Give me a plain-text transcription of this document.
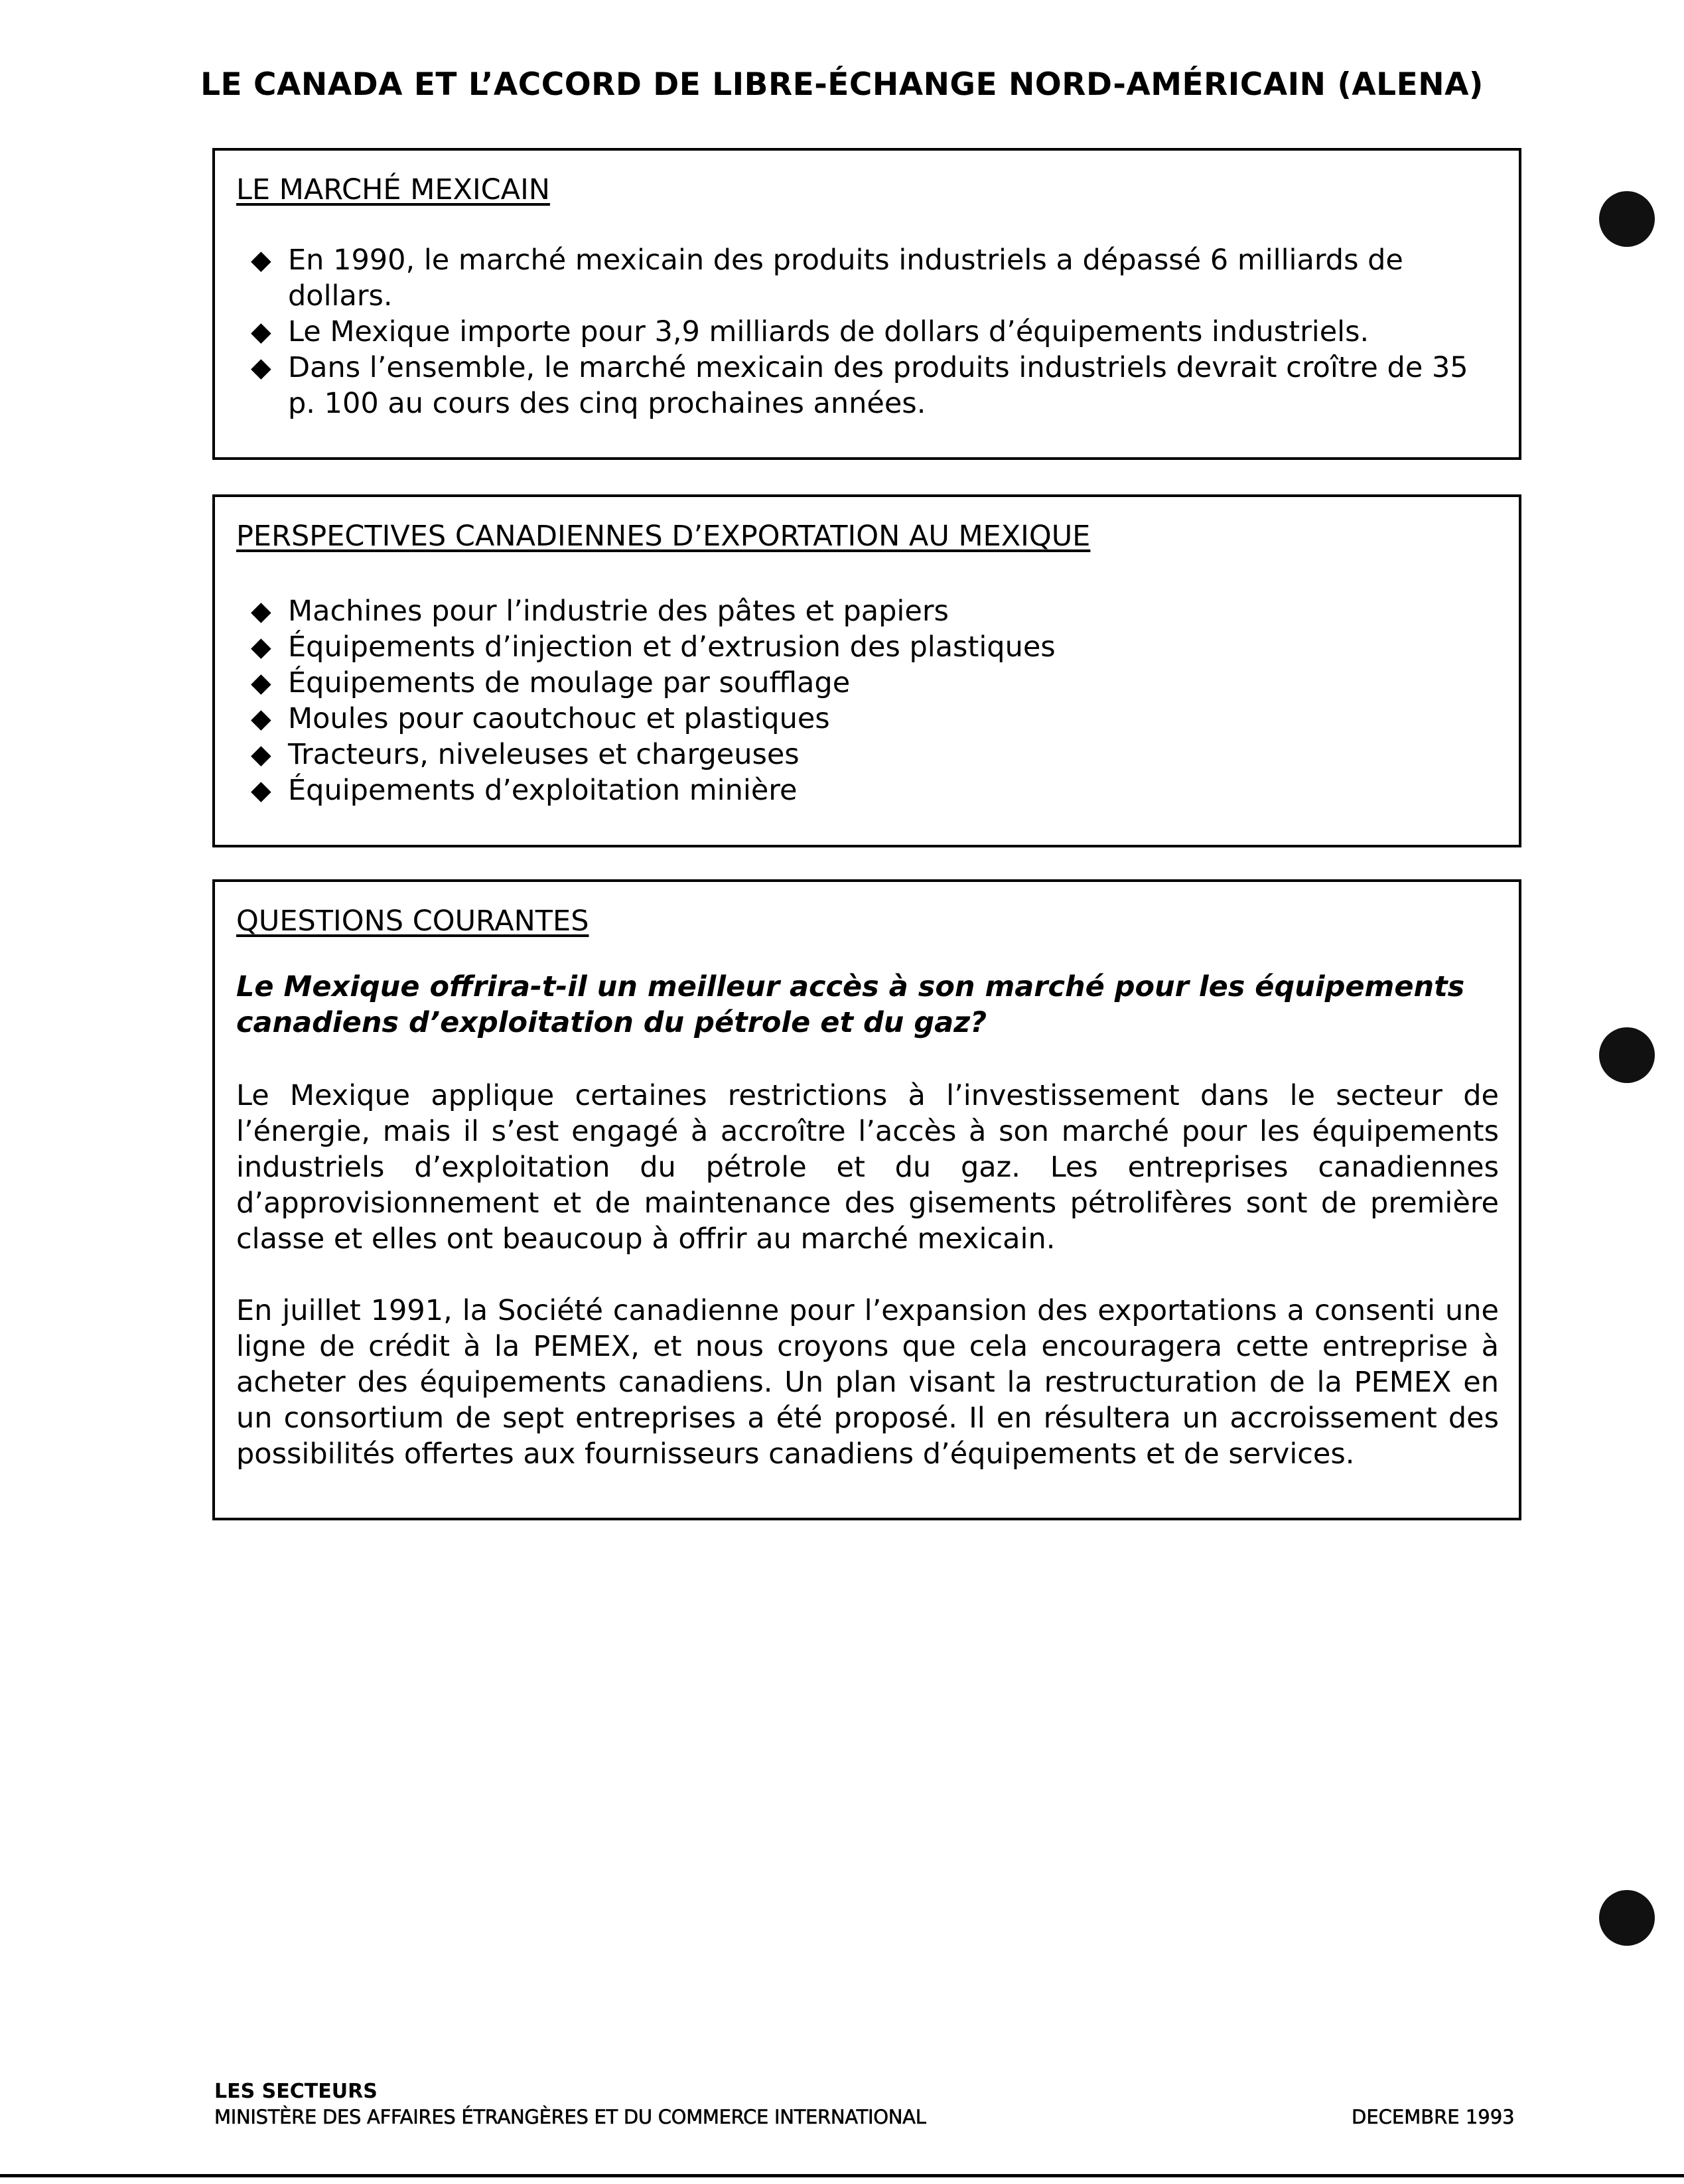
LE CANADA ET L’ACCORD DE LIBRE-ÉCHANGE NORD-AMÉRICAIN (ALENA)
LE MARCHÉ MEXICAIN
◆ En 1990, le marché mexicain des produits industriels a dépassé 6 milliards de dollars.
◆ Le Mexique importe pour 3,9 milliards de dollars d’équipements industriels.
◆ Dans l’ensemble, le marché mexicain des produits industriels devrait croître de 35 p. 100 au cours des cinq prochaines années.
PERSPECTIVES CANADIENNES D’EXPORTATION AU MEXIQUE
◆ Machines pour l’industrie des pâtes et papiers
◆ Équipements d’injection et d’extrusion des plastiques
◆ Équipements de moulage par soufflage
◆ Moules pour caoutchouc et plastiques
◆ Tracteurs, niveleuses et chargeuses
◆ Équipements d’exploitation minière
QUESTIONS COURANTES

Le Mexique offrira-t-il un meilleur accès à son marché pour les équipements canadiens d’exploitation du pétrole et du gaz?

Le Mexique applique certaines restrictions à l’investissement dans le secteur de l’énergie, mais il s’est engagé à accroître l’accès à son marché pour les équipements industriels d’exploitation du pétrole et du gaz. Les entreprises canadiennes d’approvisionnement et de maintenance des gisements pétrolifères sont de première classe et elles ont beaucoup à offrir au marché mexicain.

En juillet 1991, la Société canadienne pour l’expansion des exportations a consenti une ligne de crédit à la PEMEX, et nous croyons que cela encouragera cette entreprise à acheter des équipements canadiens. Un plan visant la restructuration de la PEMEX en un consortium de sept entreprises a été proposé. Il en résultera un accroissement des possibilités offertes aux fournisseurs canadiens d’équipements et de services.

LES SECTEURS
MINISTÈRE DES AFFAIRES ÉTRANGÈRES ET DU COMMERCE INTERNATIONAL	DECEMBRE 1993
